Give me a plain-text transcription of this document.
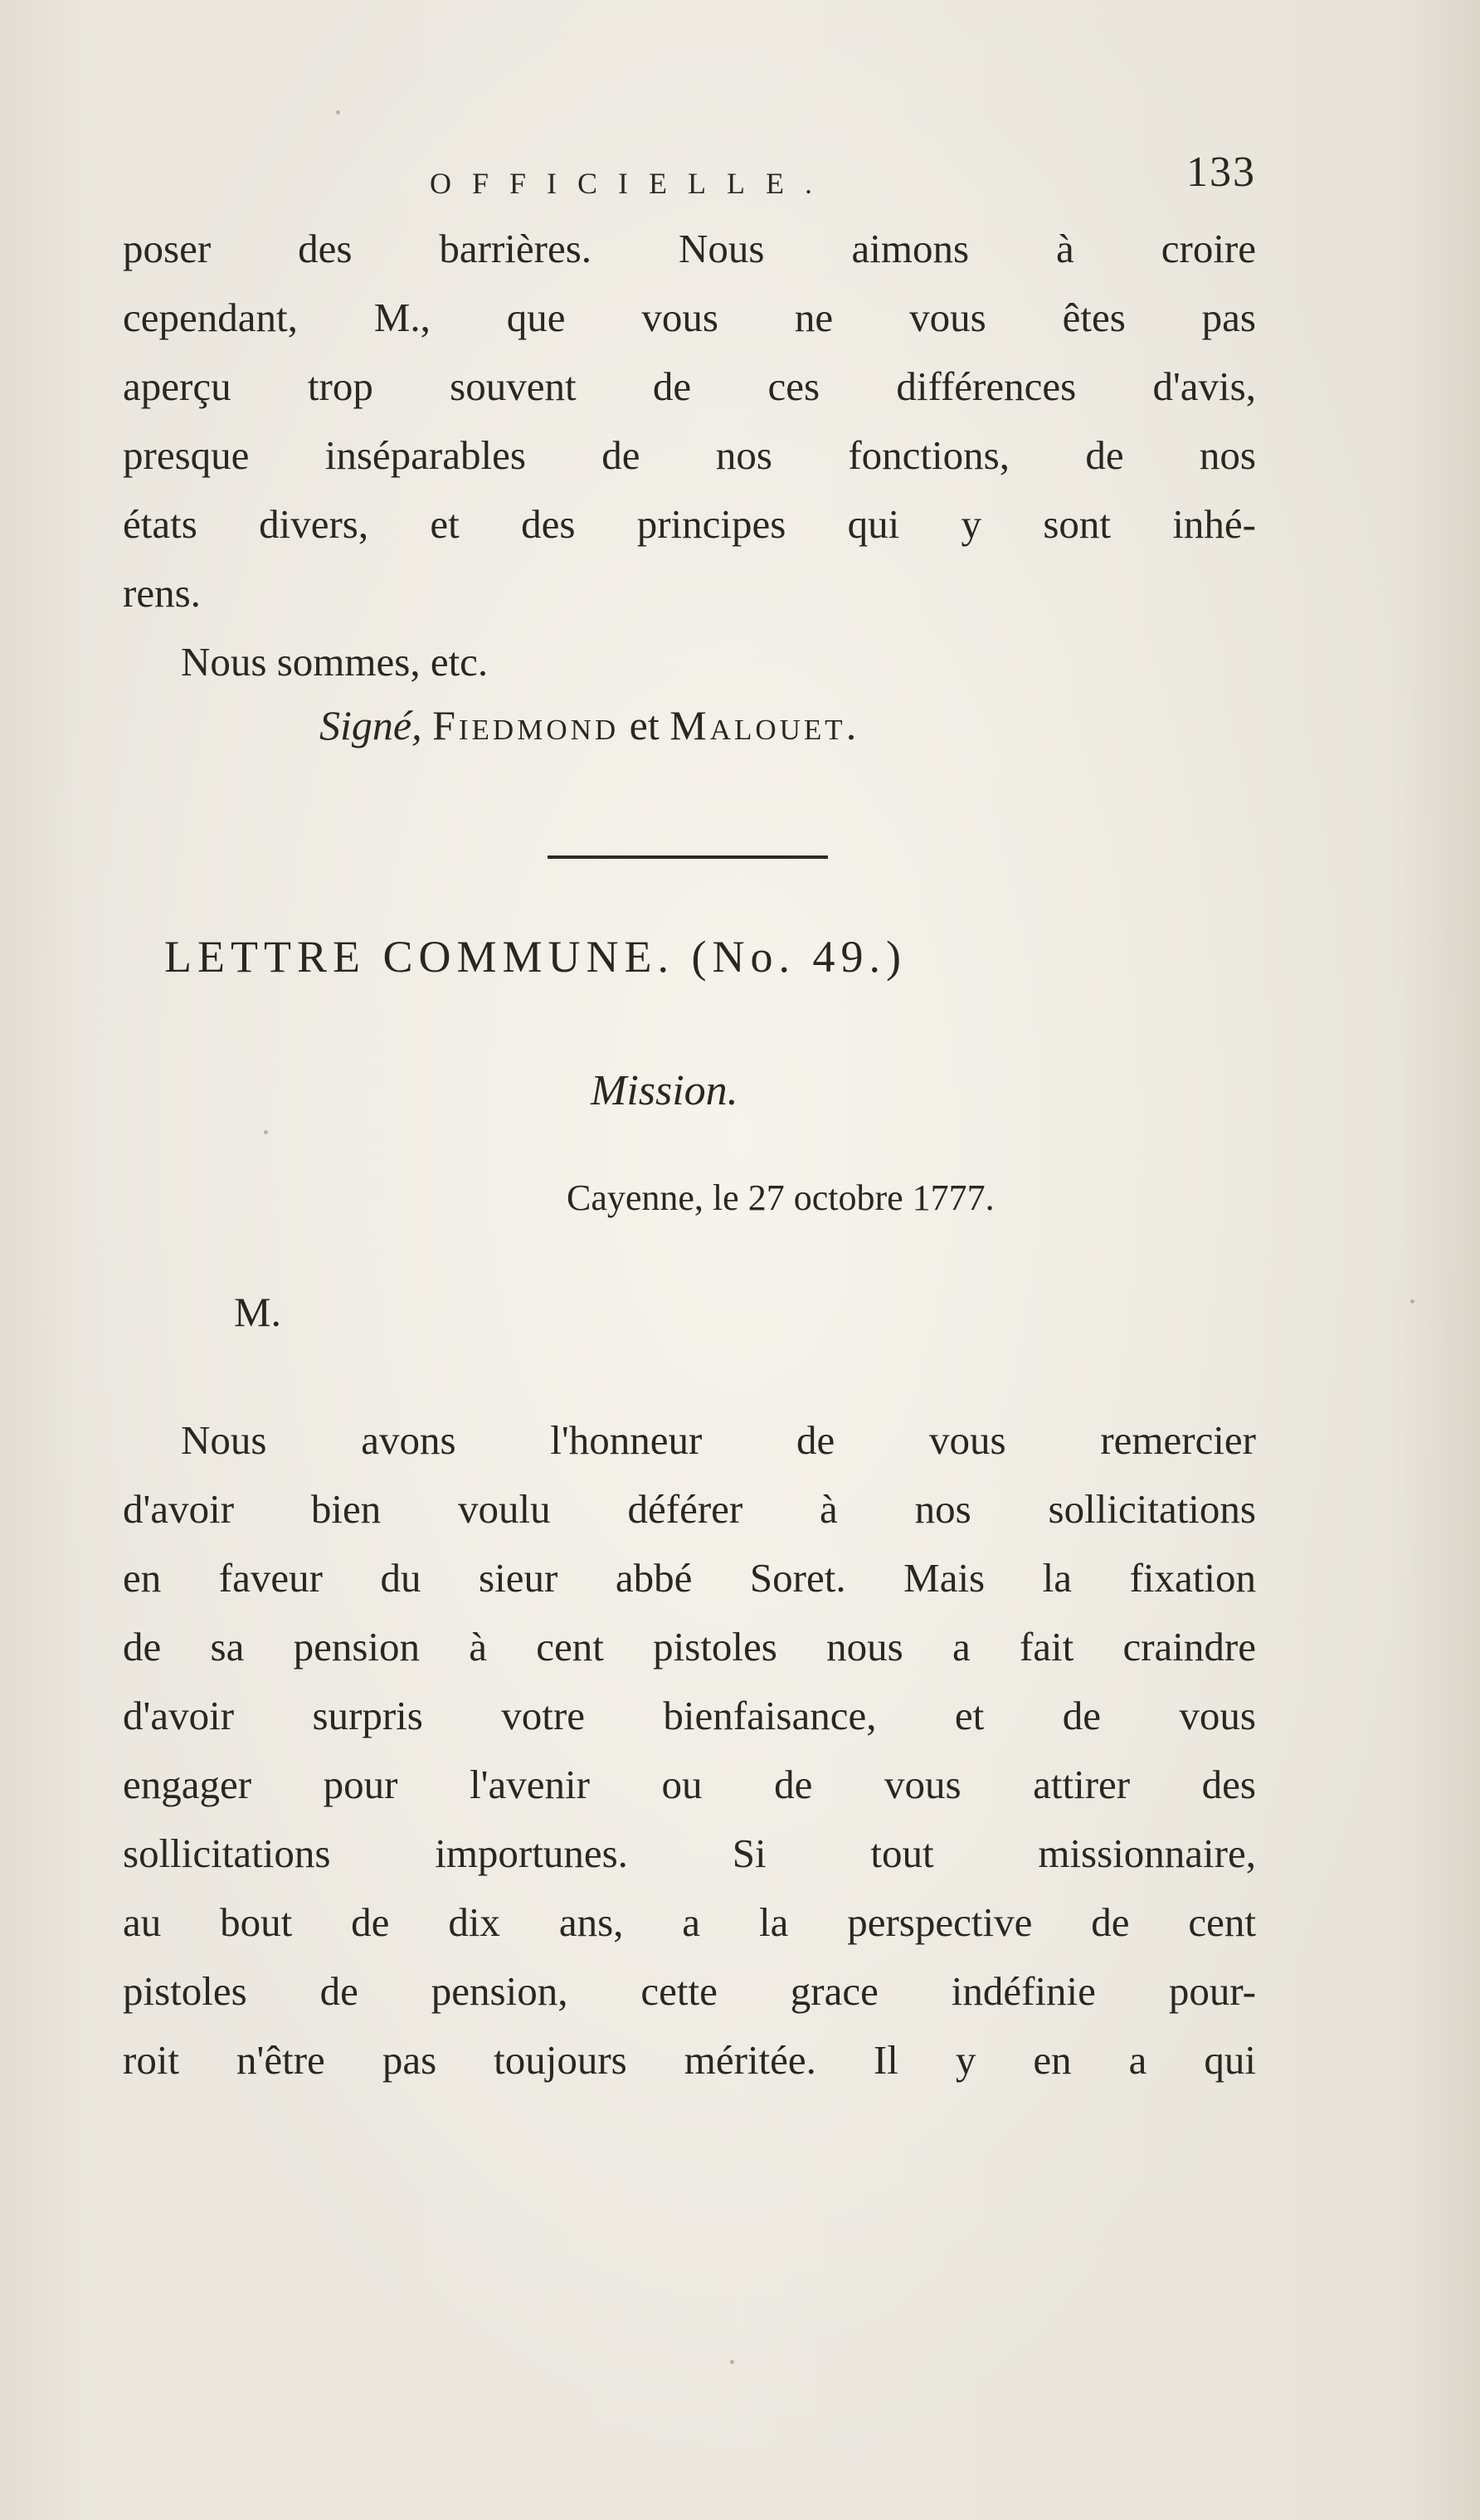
OFFICIELLE.	133
poser des barrières. Nous aimons à croire
cependant, M., que vous ne vous êtes pas
aperçu trop souvent de ces différences d'avis,
presque inséparables de nos fonctions, de nos
états divers, et des principes qui y sont inhé-
rens.
Nous sommes, etc.
Signé, Fiedmond et Malouet.
LETTRE COMMUNE. (No. 49.)
Mission.
Cayenne, le 27 octobre 1777.
M.
Nous avons l'honneur de vous remercier
d'avoir bien voulu déférer à nos sollicitations
en faveur du sieur abbé Soret. Mais la fixation
de sa pension à cent pistoles nous a fait craindre
d'avoir surpris votre bienfaisance, et de vous
engager pour l'avenir ou de vous attirer des
sollicitations importunes. Si tout missionnaire,
au bout de dix ans, a la perspective de cent
pistoles de pension, cette grace indéfinie pour-
roit n'être pas toujours méritée. Il y en a qui
